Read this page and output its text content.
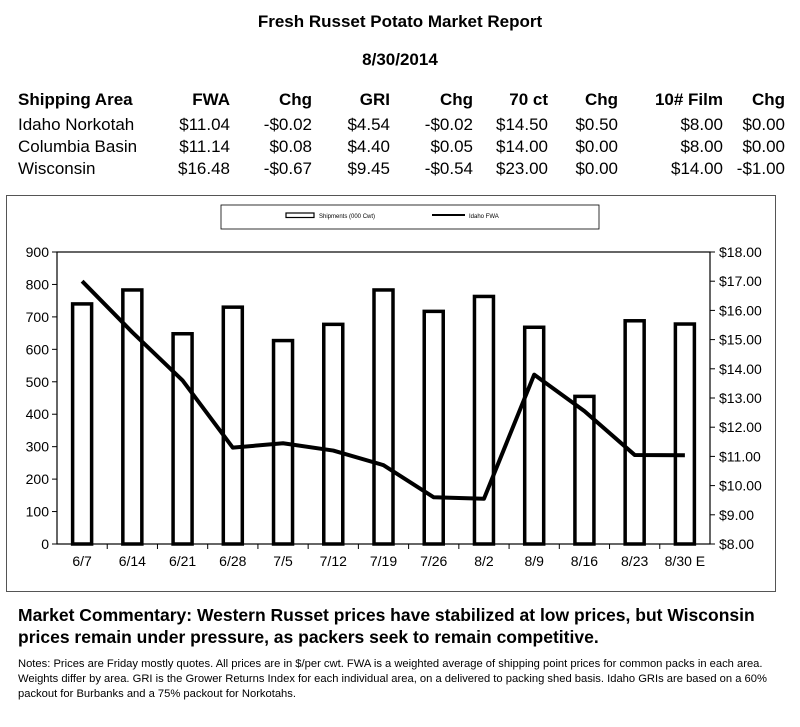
Fresh Russet Potato Market Report
8/30/2014
Shipping Area	FWA	Chg	GRI	Chg	70 ct	Chg	10# Film	Chg
Idaho Norkotah	$11.04	-$0.02	$4.54	-$0.02	$14.50	$0.50	$8.00	$0.00
Columbia Basin	$11.14	$0.08	$4.40	$0.05	$14.00	$0.00	$8.00	$0.00
Wisconsin	$16.48	-$0.67	$9.45	-$0.54	$23.00	$0.00	$14.00	-$1.00
Shipments (000 Cwt)	Idaho FWA
0
100
200
300
400
500
600
700
800
900
$8.00
$9.00
$10.00
$11.00
$12.00
$13.00
$14.00
$15.00
$16.00
$17.00
$18.00
6/7 6/14 6/21 6/28 7/5 7/12 7/19 7/26 8/2 8/9 8/16 8/23 8/30 E
Market Commentary: Western Russet prices have stabilized at low prices, but Wisconsin prices remain under pressure, as packers seek to remain competitive.
Notes: Prices are Friday mostly quotes. All prices are in $/per cwt. FWA is a weighted average of shipping point prices for common packs in each area. Weights differ by area. GRI is the Grower Returns Index for each individual area, on a delivered to packing shed basis. Idaho GRIs are based on a 60% packout for Burbanks and a 75% packout for Norkotahs.
